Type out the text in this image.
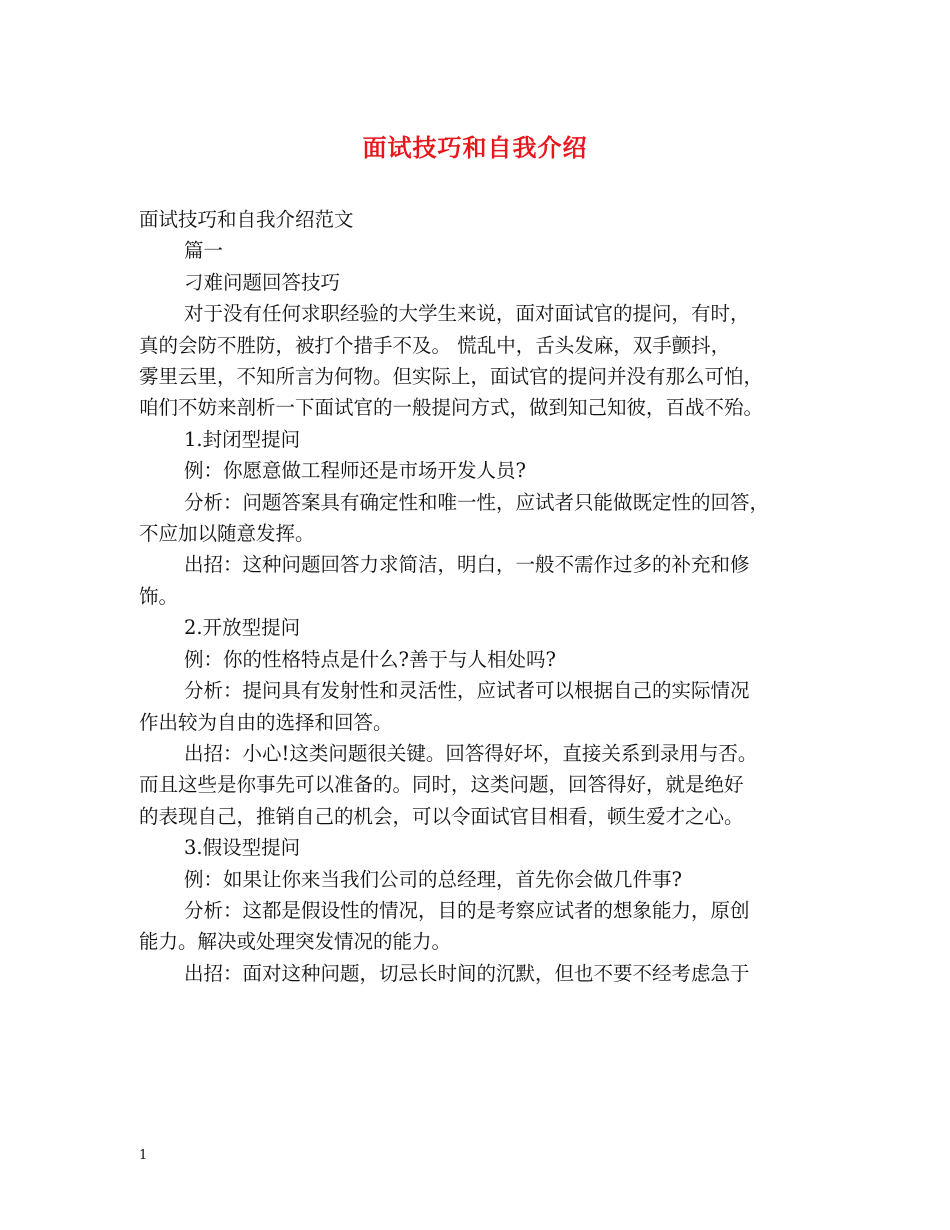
面试技巧和自我介绍

面试技巧和自我介绍范文

篇一

刁难问题回答技巧

对于没有任何求职经验的大学生来说，面对面试官的提问，有时，

真的会防不胜防，被打个措手不及。 慌乱中，舌头发麻，双手颤抖，

雾里云里，不知所言为何物。但实际上，面试官的提问并没有那么可怕，

咱们不妨来剖析一下面试官的一般提问方式，做到知己知彼，百战不殆。

1.封闭型提问

例：你愿意做工程师还是市场开发人员?

分析：问题答案具有确定性和唯一性，应试者只能做既定性的回答，

不应加以随意发挥。

出招：这种问题回答力求简洁，明白，一般不需作过多的补充和修

饰。

2.开放型提问

例：你的性格特点是什么?善于与人相处吗?

分析：提问具有发射性和灵活性，应试者可以根据自己的实际情况

作出较为自由的选择和回答。

出招：小心!这类问题很关键。回答得好坏，直接关系到录用与否。

而且这些是你事先可以准备的。同时，这类问题，回答得好，就是绝好

的表现自己，推销自己的机会，可以令面试官目相看，顿生爱才之心。

3.假设型提问

例：如果让你来当我们公司的总经理，首先你会做几件事?

分析：这都是假设性的情况，目的是考察应试者的想象能力，原创

能力。解决或处理突发情况的能力。

出招：面对这种问题，切忌长时间的沉默，但也不要不经考虑急于

1
